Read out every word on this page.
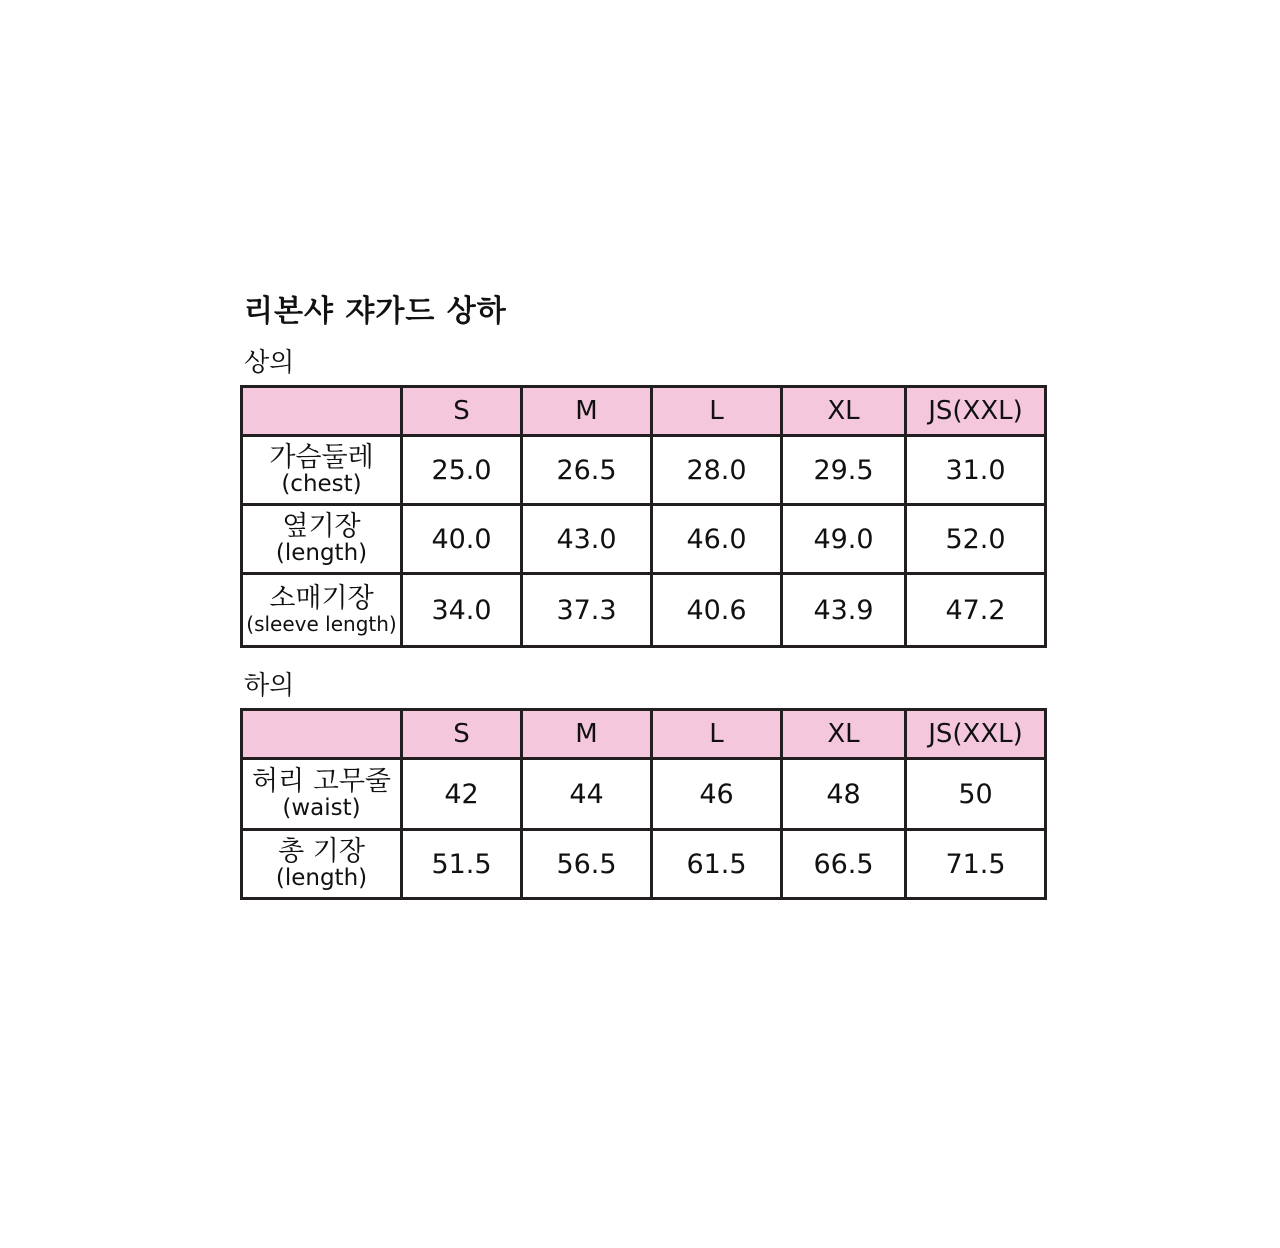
리본샤 쟈가드 상하
상의
	S	M	L	XL	JS(XXL)

가슴둘레
(chest)	25.0	26.5	28.0	29.5	31.0

옆기장
(length)	40.0	43.0	46.0	49.0	52.0

소매기장
(sleeve length)	34.0	37.3	40.6	43.9	47.2
하의
	S	M	L	XL	JS(XXL)

허리 고무줄
(waist)	42	44	46	48	50

총 기장
(length)	51.5	56.5	61.5	66.5	71.5
